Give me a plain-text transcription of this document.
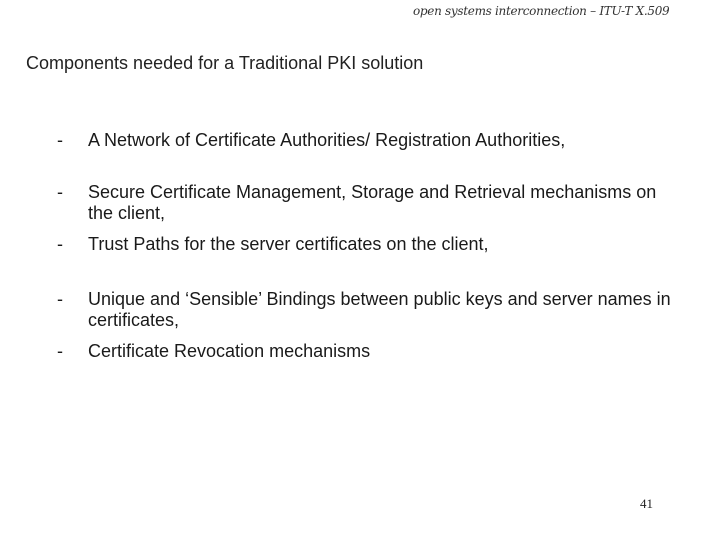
open systems interconnection – ITU-T X.509
Components needed for a Traditional PKI solution
-	A Network of Certificate Authorities/ Registration Authorities,
-	Secure Certificate Management, Storage and Retrieval mechanisms on the client,
-	Trust Paths for the server certificates on the client,
-	Unique and ‘Sensible’ Bindings between public keys and server names in certificates,
-	Certificate Revocation mechanisms
41
